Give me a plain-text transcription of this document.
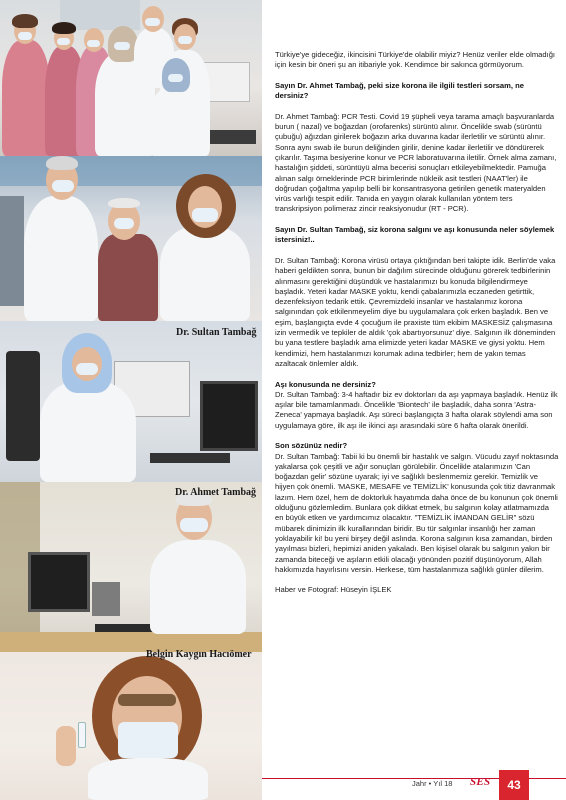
Dr. Sultan Tambağ
Dr. Ahmet Tambağ
Belgin Kaygın Hacıömer

Türkiye'ye gideceğiz, ikincisini Türkiye'de olabilir miyiz? Henüz veriler elde olmadığı için kesin bir öneri şu an itibariyle yok. Kendimce bir sakınca görmüyorum.

Sayın Dr. Ahmet Tambağ, peki size korona ile ilgili testleri sorsam, ne dersiniz?

Dr. Ahmet Tambağ: PCR Testi. Covid 19 şüpheli veya tarama amaçlı başvuranlarda burun ( nazal) ve boğazdan (orofarenks) sürüntü alınır. Öncelikle swab (sürüntü çubuğu) ağızdan girilerek boğazın arka duvarına kadar ilerletilir ve sürüntü alınır. Sonra aynı swab ile burun deliğinden girilir, denine kadar ilerletilir ve döndürerek çıkarılır. Taşıma besiyerine konur ve PCR laboratuvarına iletilir. Örnek alma zamanı, hastalığın şiddeti, sürüntüyü alma becerisi sonuçları etkileyebilmektedir. Pamuğa alınan salgı örneklerinde PCR birimlerinde nükleik asit testleri (NAAT'ler) ile doğrudan çoğaltma yapılıp belli bir konsantrasyona getirilen genetik materyalden virüs varlığı tespit edilir. Tanıda en yaygın olarak kullanılan yöntem ters transkripsiyon polimeraz zincir reaksiyonudur (RT - PCR).

Sayın Dr. Sultan Tambağ, siz korona salgını ve aşı konusunda neler söylemek istersiniz!..

Dr. Sultan Tambağ: Korona virüsü ortaya çıktığından beri takipte idik. Berlin'de vaka haberi geldikten sonra, bunun bir dağılım sürecinde olduğunu görerek tedbirlerinin alınmasını gerektiğini düşündük ve hastalarımızı bu konuda bilgilendirmeye başladık. Yeteri kadar MASKE yoktu, kendi çabalarımızla eczaneden getirttik, dezenfeksiyon tedarik ettik. Çevremizdeki insanlar ve hastalarımız korona salgınından çok etkilenmeyelim diye bu uygulamalara çok erken başladık. Ben ve eşim, başlangıçta evde 4 çocuğum ile praxiste tüm ekibim MASKESİZ çalışmasına izin vermedik ve tepkiler de aldık 'çok abartıyorsunuz' diye. Salgının ilk döneminden bu yana testlere başladık ama elimizde yeteri kadar MASKE ve giysi yoktu. Hem kendimizi, hem hastalarımızı korumak adına tedbirler; hem de yakın temas azaltacak önlemler aldık.

Aşı konusunda ne dersiniz?

Dr. Sultan Tambağ: 3-4 haftadır biz ev doktorları da aşı yapmaya başladık. Henüz ilk aşılar bile tamamlanmadı. Öncelikle 'Biontech' ile başladık, daha sonra 'Astra-Zeneca' yapmaya başladık. Aşı süreci başlangıçta 3 hafta olarak söylendi ama son uygulamaya göre, ilk aşı ile ikinci aşı arasındaki süre 6 hafta olarak önerildi.

Son sözünüz nedir?

Dr. Sultan Tambağ: Tabii ki bu önemli bir hastalık ve salgın. Vücudu zayıf noktasında yakalarsa çok çeşitli ve ağır sonuçları görülebilir. Öncelikle atalarımızın 'Can boğazdan gelir' sözüne uyarak; iyi ve sağlıklı beslenmemiz gerekir. Temizlik ve hijyen çok önemli. 'MASKE, MESAFE ve TEMİZLİK' konusunda çok titiz davranmak lazım. Hem özel, hem de doktorluk hayatımda daha önce de bu konunun çok önemli olduğunu gözlemledim. Bunlara çok dikkat etmek, bu salgının kolay atlatmamızda en büyük etken ve yardımcımız olacaktır. "TEMİZLİK İMANDAN GELİR" sözü mübarek dinimizin ilk kurallarından biridir. Bu tür salgınlar insanlığı her zaman yoklayabilir ki! bu yeni birşey değil aslında. Korona salgının kısa zamandan, birden yayılması bizleri, hepimizi aniden yakaladı. Ben kişisel olarak bu salgının yakın bir zamanda biteceği ve aşıların etkili olacağı yönünden pozitif düşünüyorum, Allah hakkımızda hayırlısını versin. Herkese, tüm hastalarımıza sağlıklı günler dilerim.

Haber ve Fotograf: Hüseyin İŞLEK

Jahr • Yıl 18 SES	43
